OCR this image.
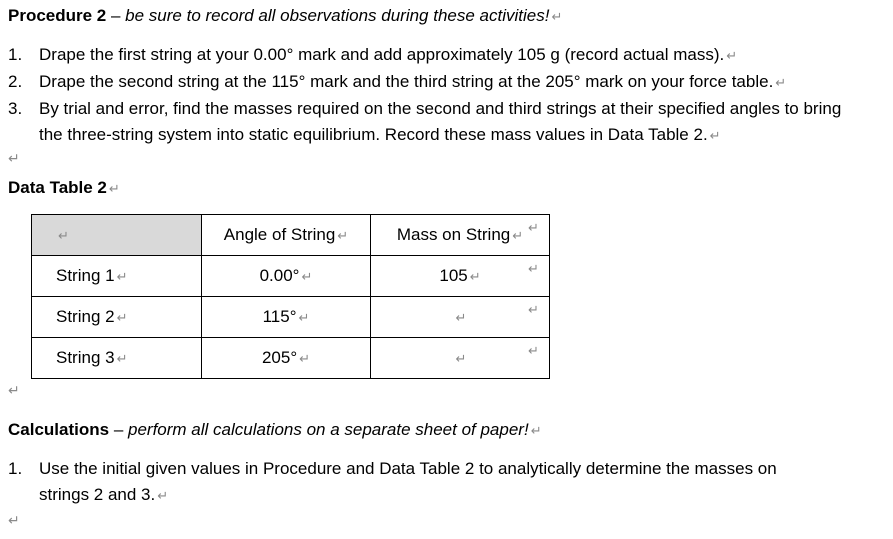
Procedure 2 – be sure to record all observations during these activities! ↵
1. Drape the first string at your 0.00° mark and add approximately 105 g (record actual mass). ↵
2. Drape the second string at the 115° mark and the third string at the 205° mark on your force table. ↵
3. By trial and error, find the masses required on the second and third strings at their specified angles to bring the three-string system into static equilibrium. Record these mass values in Data Table 2. ↵
↵
Data Table 2 ↵
↵	Angle of String ↵	Mass on String ↵
String 1 ↵	0.00° ↵	105 ↵
String 2 ↵	115° ↵	↵
String 3 ↵	205° ↵	↵
↵
↵
↵
↵
↵
Calculations – perform all calculations on a separate sheet of paper! ↵
1. Use the initial given values in Procedure and Data Table 2 to analytically determine the masses on strings 2 and 3. ↵
↵
